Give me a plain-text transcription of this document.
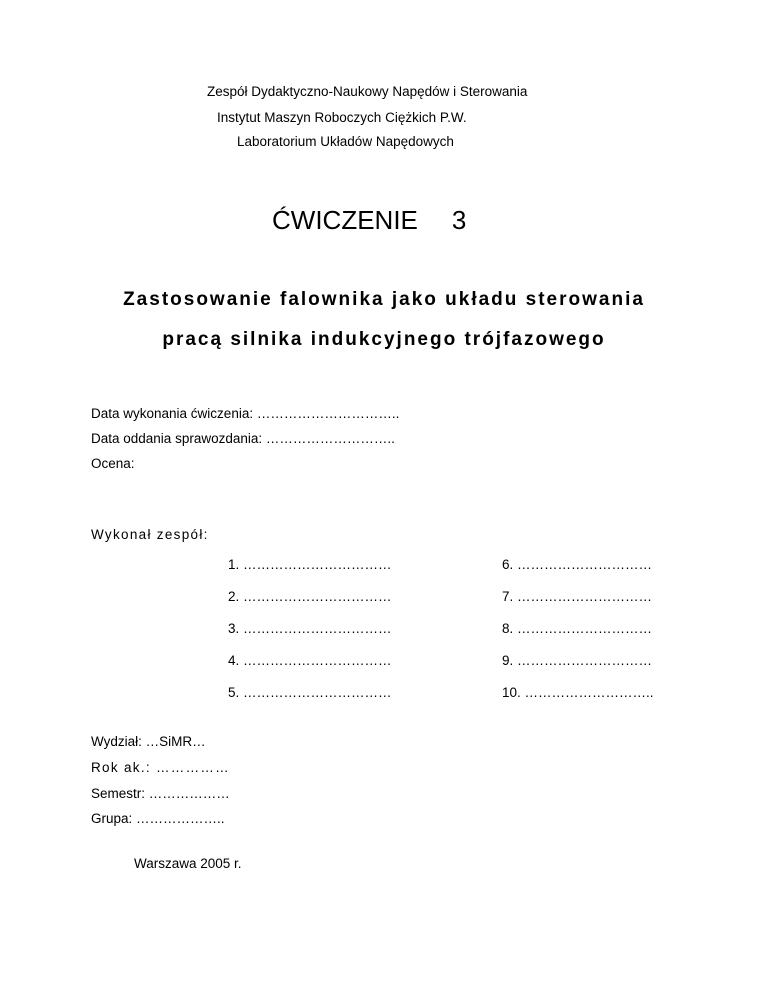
Zespół Dydaktyczno-Naukowy Napędów i Sterowania
Instytut Maszyn Roboczych Ciężkich P.W.
Laboratorium Układów Napędowych
ĆWICZENIE 3
Zastosowanie falownika jako układu sterowania
pracą silnika indukcyjnego trójfazowego
Data wykonania ćwiczenia: …………………………..
Data oddania sprawozdania: ………………………..
Ocena:
Wykonał zespół:
1. ……………………………
2. ……………………………
3. ……………………………
4. ……………………………
5. ……………………………
6. …………………………
7. …………………………
8. …………………………
9. …………………………
10. ………………………..
Wydział: …SiMR…
Rok ak.: ……………
Semestr: ………………
Grupa: ………………..
Warszawa 2005 r.
